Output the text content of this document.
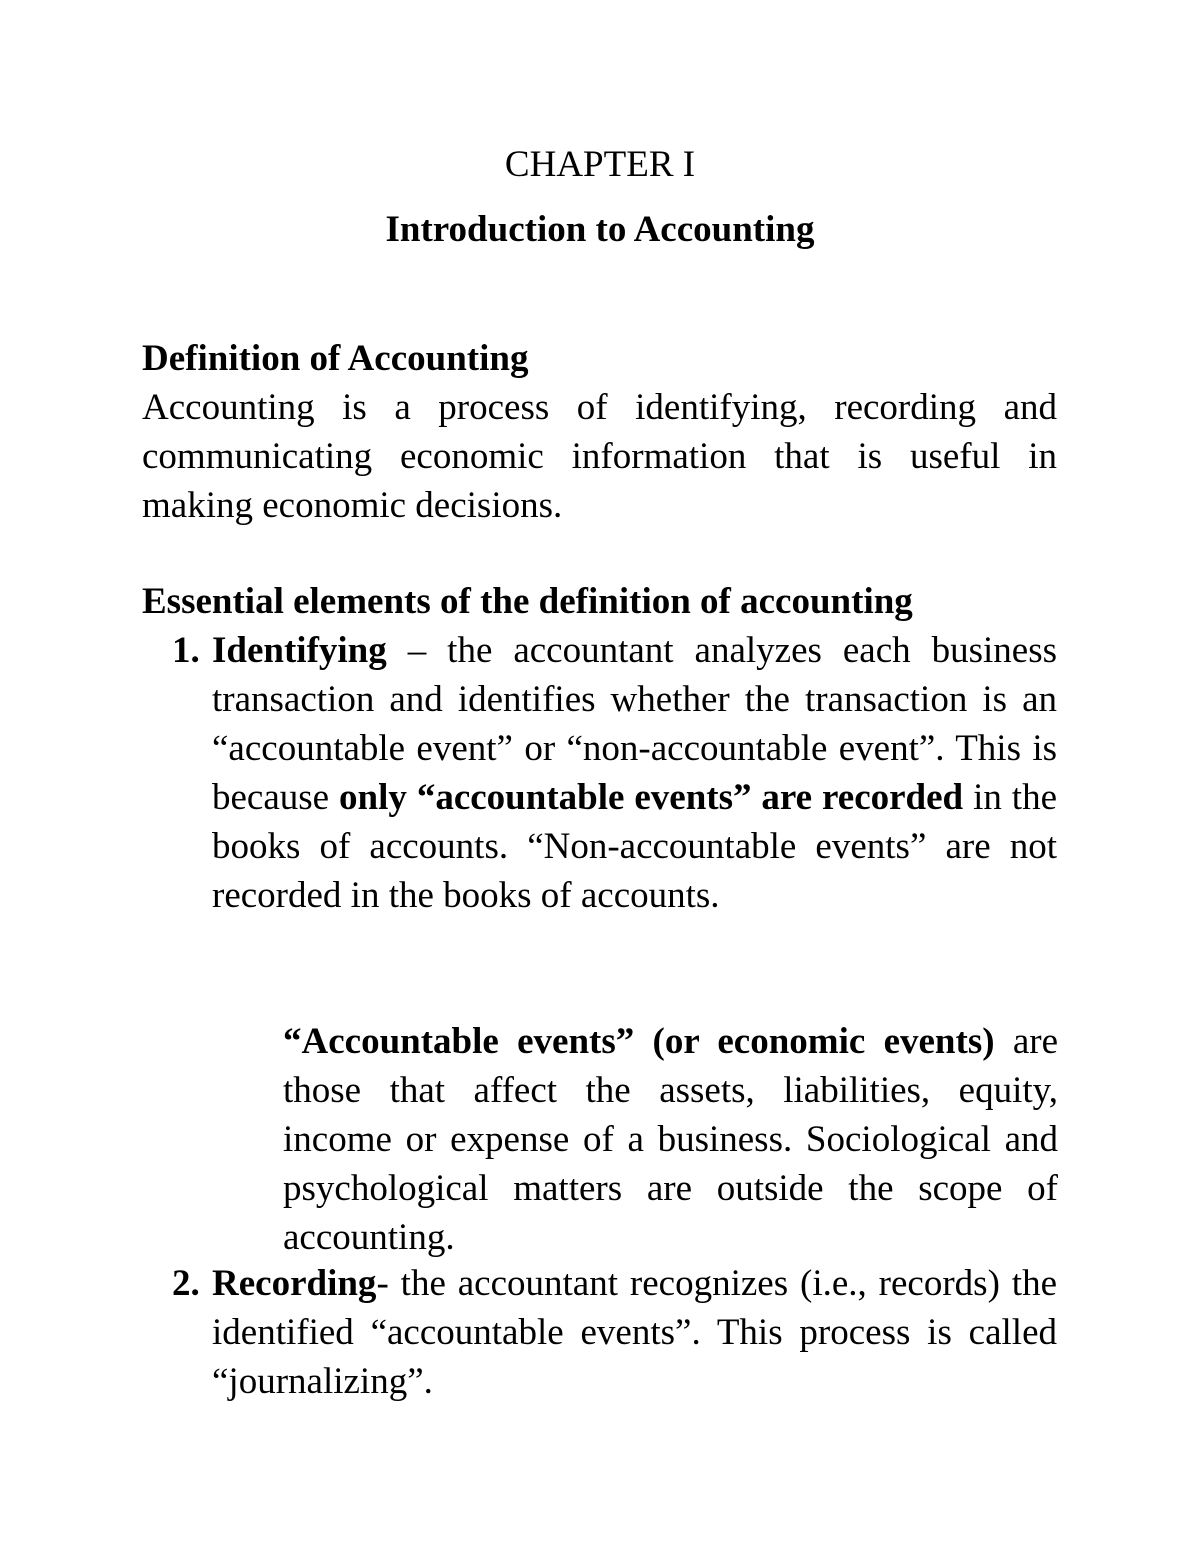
CHAPTER I
Introduction to Accounting
Definition of Accounting

Accounting is a process of identifying, recording and communicating economic information that is useful in making economic decisions.

Essential elements of the definition of accounting
1. Identifying – the accountant analyzes each business transaction and identifies whether the transaction is an “accountable event” or “non-accountable event”. This is because only “accountable events” are recorded in the books of accounts. “Non-accountable events” are not recorded in the books of accounts.

“Accountable events” (or economic events) are those that affect the assets, liabilities, equity, income or expense of a business. Sociological and psychological matters are outside the scope of accounting.

2. Recording- the accountant recognizes (i.e., records) the identified “accountable events”. This process is called “journalizing”.
